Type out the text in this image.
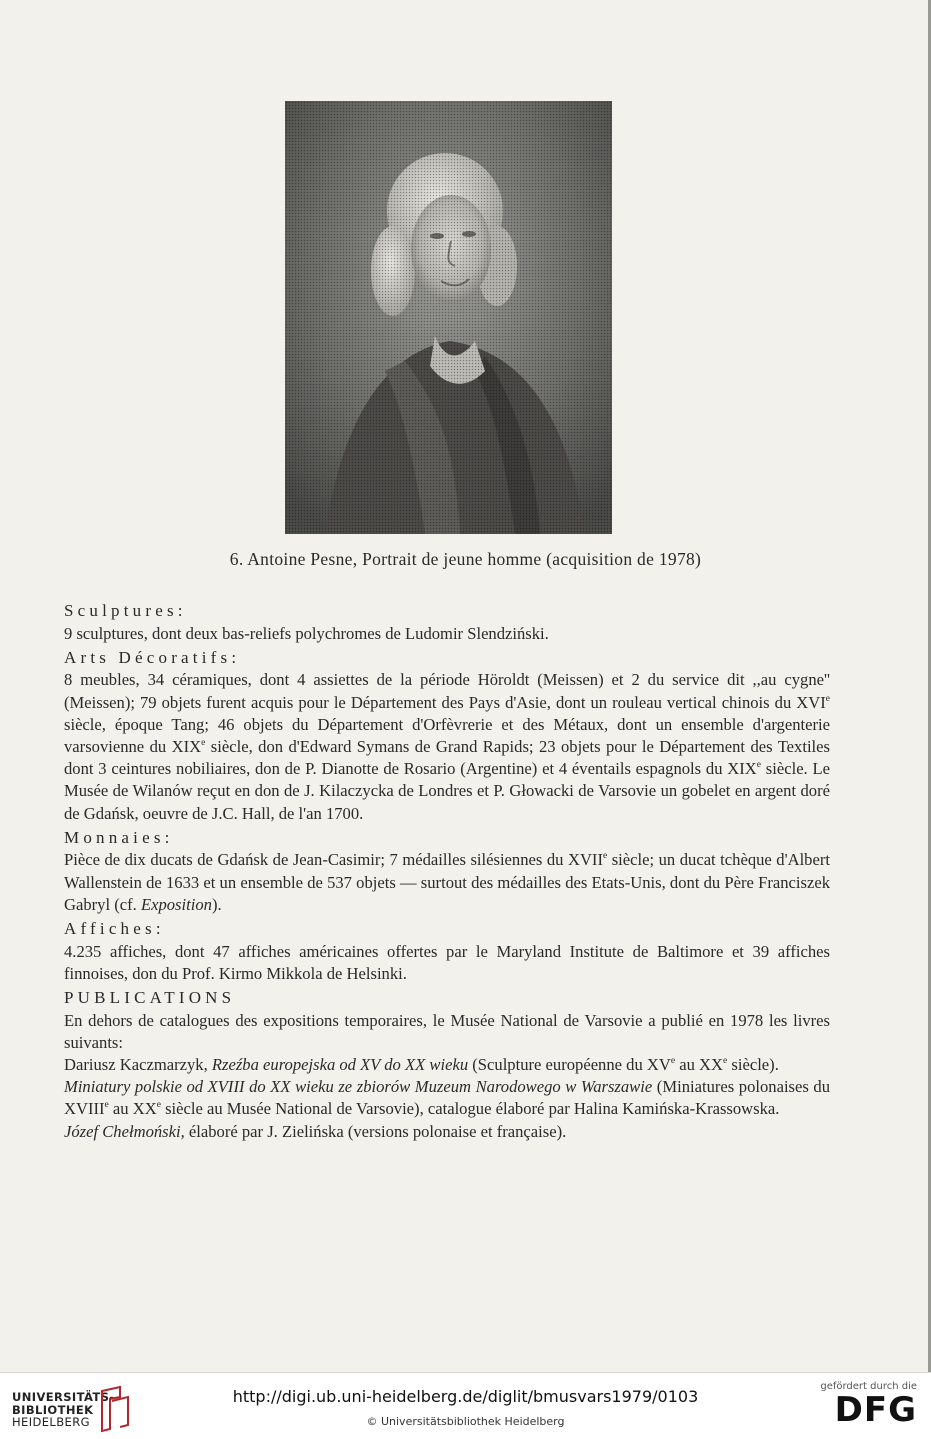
6. Antoine Pesne, Portrait de jeune homme (acquisition de 1978)

Sculptures:

9 sculptures, dont deux bas-reliefs polychromes de Ludomir Slendziński.

Arts Décoratifs:

8 meubles, 34 céramiques, dont 4 assiettes de la période Höroldt (Meissen) et 2 du service dit ,,au cygne'' (Meissen); 79 objets furent acquis pour le Département des Pays d'Asie, dont un rouleau vertical chinois du XVIe siècle, époque Tang; 46 objets du Département d'Orfèvrerie et des Métaux, dont un ensemble d'argenterie varsovienne du XIXe siècle, don d'Edward Symans de Grand Rapids; 23 objets pour le Département des Textiles dont 3 ceintures nobiliaires, don de P. Dianotte de Rosario (Argentine) et 4 éventails espagnols du XIXe siècle. Le Musée de Wilanów reçut en don de J. Kilaczycka de Londres et P. Głowacki de Varsovie un gobelet en argent doré de Gdańsk, oeuvre de J.C. Hall, de l'an 1700.

Monnaies:

Pièce de dix ducats de Gdańsk de Jean-Casimir; 7 médailles silésiennes du XVIIe siècle; un ducat tchèque d'Albert Wallenstein de 1633 et un ensemble de 537 objets — surtout des médailles des Etats-Unis, dont du Père Franciszek Gabryl (cf. Exposition).

Affiches:

4.235 affiches, dont 47 affiches américaines offertes par le Maryland Institute de Baltimore et 39 affiches finnoises, don du Prof. Kirmo Mikkola de Helsinki.

PUBLICATIONS

En dehors de catalogues des expositions temporaires, le Musée National de Varsovie a publié en 1978 les livres suivants:

Dariusz Kaczmarzyk, Rzeźba europejska od XV do XX wieku (Sculpture européenne du XVe au XXe siècle).

Miniatury polskie od XVIII do XX wieku ze zbiorów Muzeum Narodowego w Warszawie (Miniatures polonaises du XVIIIe au XXe siècle au Musée National de Varsovie), catalogue élaboré par Halina Kamińska-Krassowska.

Józef Chełmoński, élaboré par J. Zielińska (versions polonaise et française).

UNIVERSITÄTS-
BIBLIOTHEK
HEIDELBERG
http://digi.ub.uni-heidelberg.de/diglit/bmusvars1979/0103
© Universitätsbibliothek Heidelberg
gefördert durch die
DFG
